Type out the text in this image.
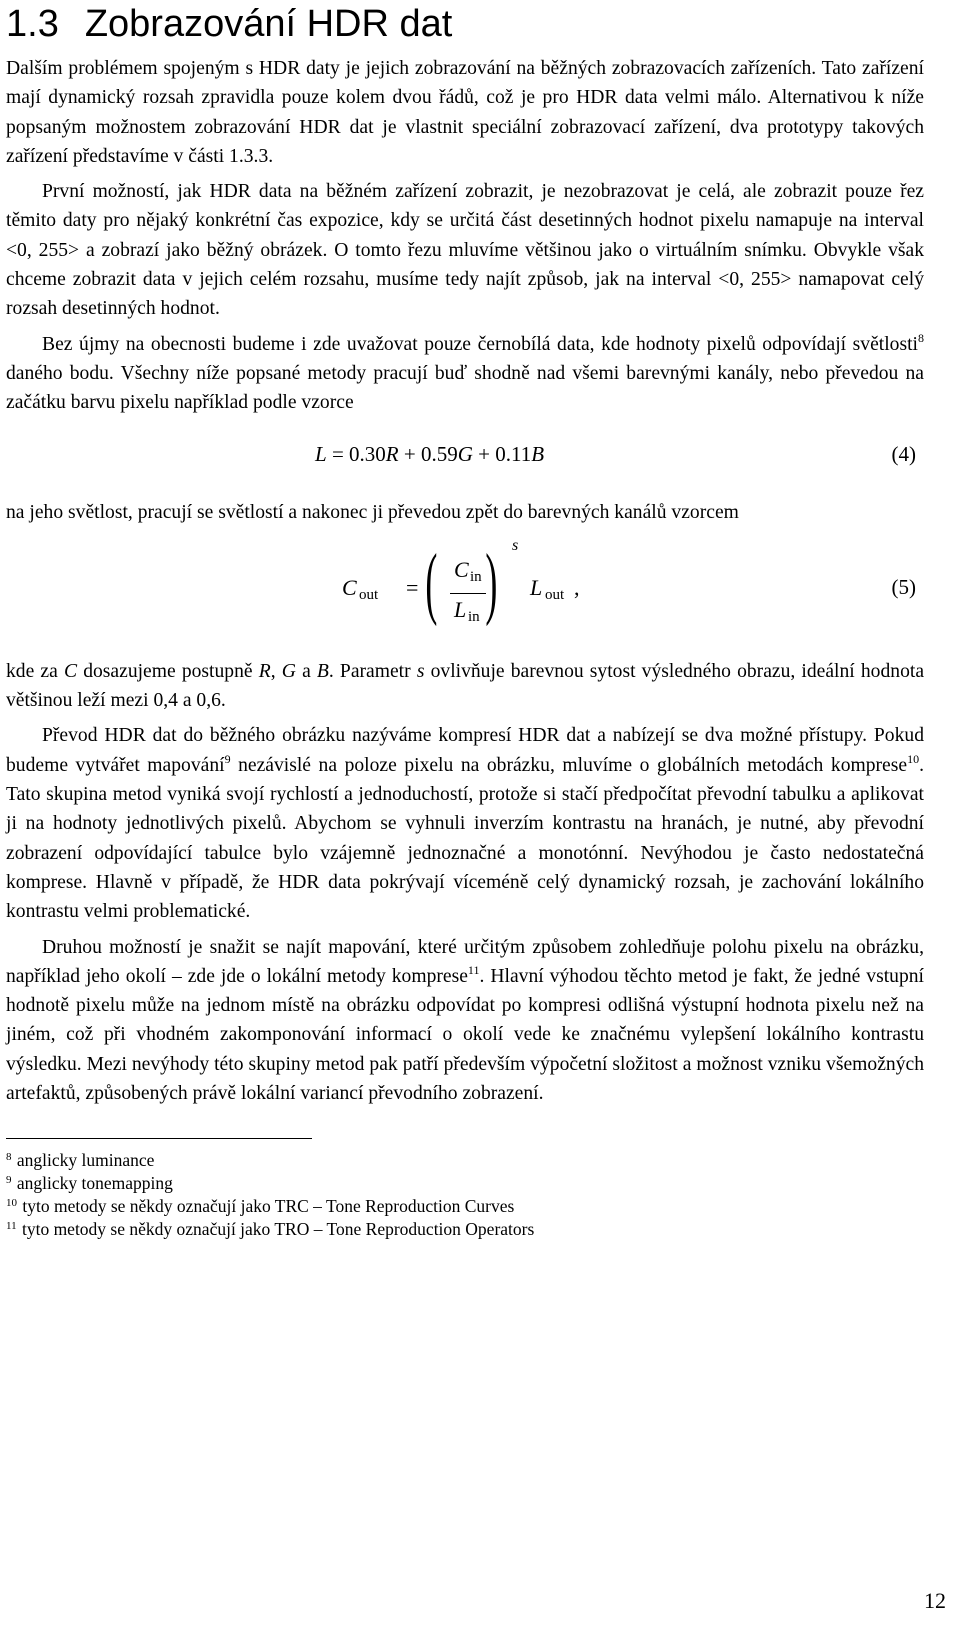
1.3 Zobrazování HDR dat

Dalším problémem spojeným s HDR daty je jejich zobrazování na běžných zobrazovacích zařízeních. Tato zařízení mají dynamický rozsah zpravidla pouze kolem dvou řádů, což je pro HDR data velmi málo. Alternativou k níže popsaným možnostem zobrazování HDR dat je vlastnit speciální zobrazovací zařízení, dva prototypy takových zařízení představíme v části 1.3.3.

První možností, jak HDR data na běžném zařízení zobrazit, je nezobrazovat je celá, ale zobrazit pouze řez těmito daty pro nějaký konkrétní čas expozice, kdy se určitá část desetinných hodnot pixelu namapuje na interval <0, 255> a zobrazí jako běžný obrázek. O tomto řezu mluvíme většinou jako o virtuálním snímku. Obvykle však chceme zobrazit data v jejich celém rozsahu, musíme tedy najít způsob, jak na interval <0, 255> namapovat celý rozsah desetinných hodnot.

Bez újmy na obecnosti budeme i zde uvažovat pouze černobílá data, kde hodnoty pixelů odpovídají světlosti$^8$ daného bodu. Všechny níže popsané metody pracují buď shodně nad všemi barevnými kanály, nebo převedou na začátku barvu pixelu například podle vzorce

L = 0.30R + 0.59G + 0.11B	(4)

na jeho světlost, pracují se světlostí a nakonec ji převedou zpět do barevných kanálů vzorcem

C out = ( C in
L in ) s
L out ,	(5)

kde za C dosazujeme postupně R, G a B. Parametr s ovlivňuje barevnou sytost výsledného obrazu, ideální hodnota většinou leží mezi 0,4 a 0,6.

Převod HDR dat do běžného obrázku nazýváme kompresí HDR dat a nabízejí se dva možné přístupy. Pokud budeme vytvářet mapování$^9$ nezávislé na poloze pixelu na obrázku, mluvíme o globálních metodách komprese$^{10}$. Tato skupina metod vyniká svojí rychlostí a jednoduchostí, protože si stačí předpočítat převodní tabulku a aplikovat ji na hodnoty jednotlivých pixelů. Abychom se vyhnuli inverzím kontrastu na hranách, je nutné, aby převodní zobrazení odpovídající tabulce bylo vzájemně jednoznačné a monotónní. Nevýhodou je často nedostatečná komprese. Hlavně v případě, že HDR data pokrývají víceméně celý dynamický rozsah, je zachování lokálního kontrastu velmi problematické.

Druhou možností je snažit se najít mapování, které určitým způsobem zohledňuje polohu pixelu na obrázku, například jeho okolí – zde jde o lokální metody komprese$^{11}$. Hlavní výhodou těchto metod je fakt, že jedné vstupní hodnotě pixelu může na jednom místě na obrázku odpovídat po kompresi odlišná výstupní hodnota pixelu než na jiném, což při vhodném zakomponování informací o okolí vede ke značnému vylepšení lokálního kontrastu výsledku. Mezi nevýhody této skupiny metod pak patří především výpočetní složitost a možnost vzniku všemožných artefaktů, způsobených právě lokální variancí převodního zobrazení.

$^8$ anglicky luminance
$^9$ anglicky tonemapping
$^{10}$ tyto metody se někdy označují jako TRC – Tone Reproduction Curves
$^{11}$ tyto metody se někdy označují jako TRO – Tone Reproduction Operators
12
